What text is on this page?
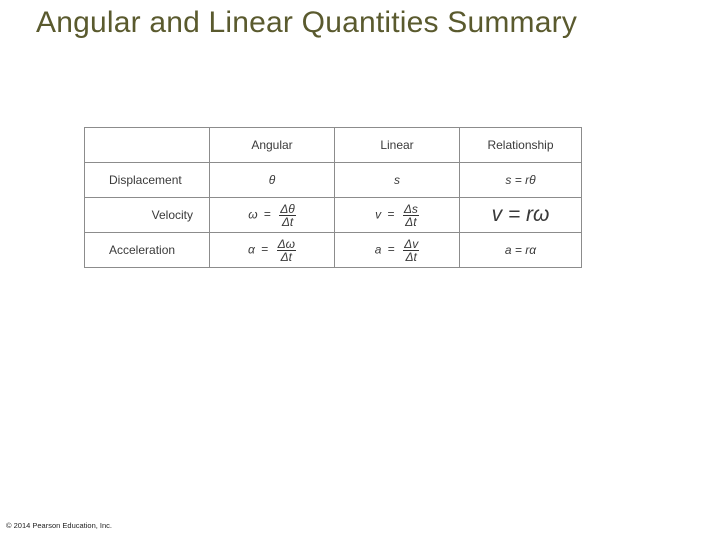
Angular and Linear Quantities Summary
	Angular	Linear	Relationship
Displacement	θ	s	s = rθ
Velocity	$\omega = \frac{\Delta\theta}{\Delta t}$	$v = \frac{\Delta s}{\Delta t}$	v = rω
Acceleration	$\alpha = \frac{\Delta\omega}{\Delta t}$	$a = \frac{\Delta v}{\Delta t}$	a = rα
© 2014 Pearson Education, Inc.
